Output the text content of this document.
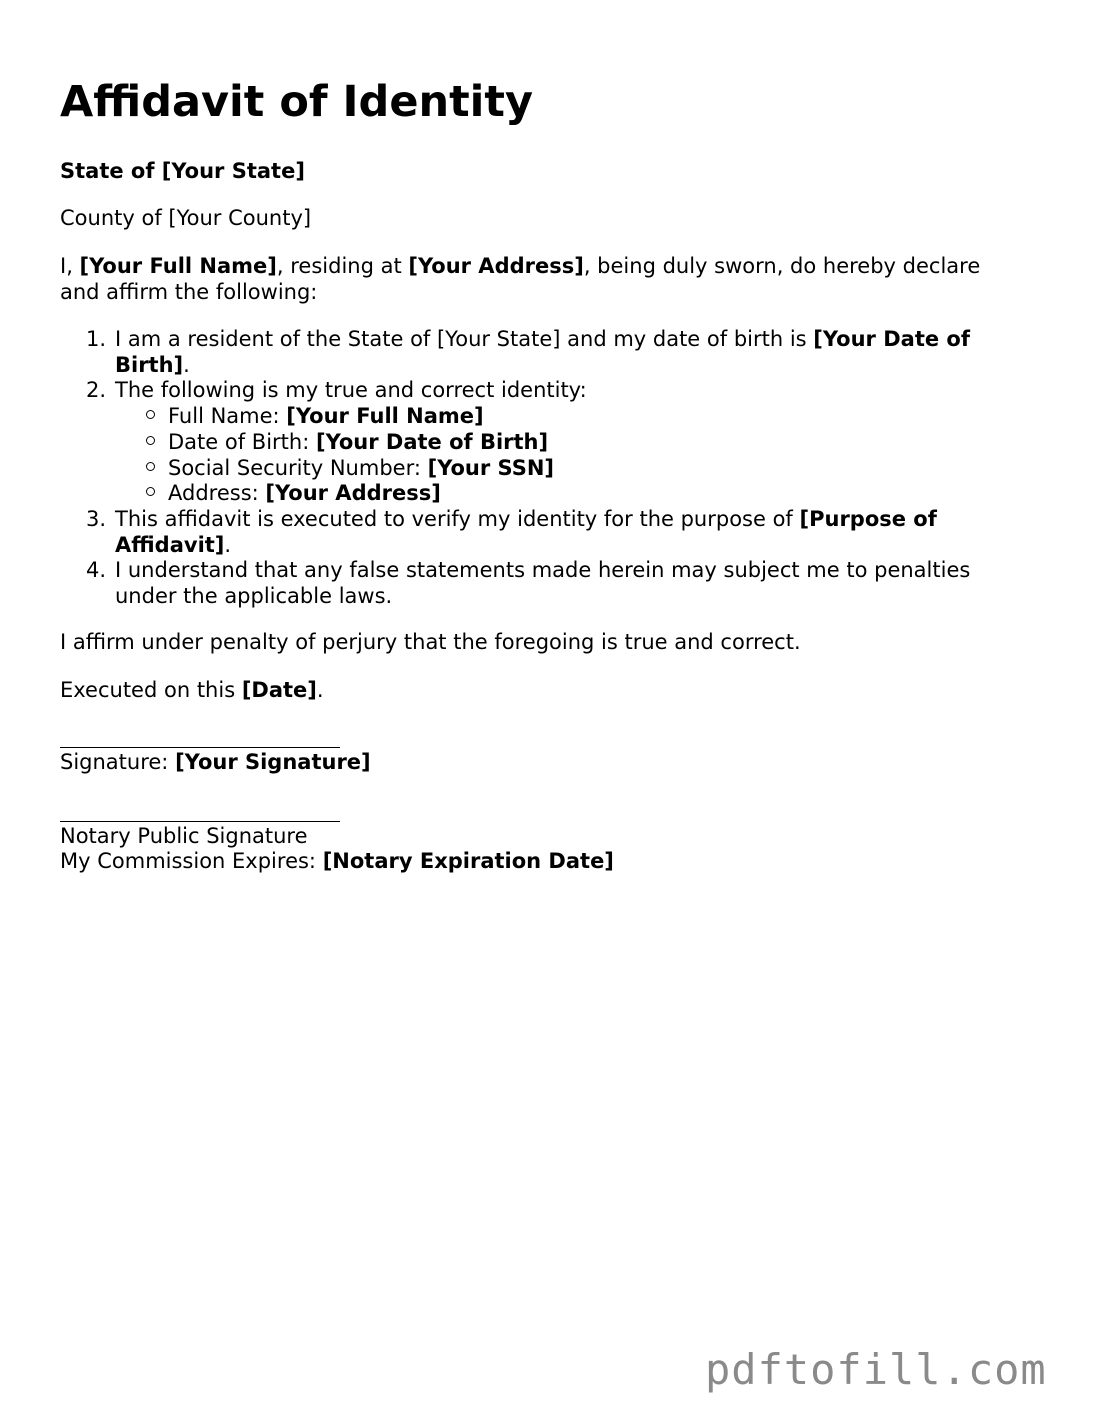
Affidavit of Identity

State of [Your State]

County of [Your County]

I, [Your Full Name], residing at [Your Address], being duly sworn, do hereby declare

and affirm the following:

1. I am a resident of the State of [Your State] and my date of birth is [Your Date of
Birth].
2. The following is my true and correct identity:
Full Name: [Your Full Name]
Date of Birth: [Your Date of Birth]
Social Security Number: [Your SSN]
Address: [Your Address]
3. This affidavit is executed to verify my identity for the purpose of [Purpose of
Affidavit].
4. I understand that any false statements made herein may subject me to penalties
under the applicable laws.

I affirm under penalty of perjury that the foregoing is true and correct.

Executed on this [Date].

Signature: [Your Signature]

Notary Public Signature

My Commission Expires: [Notary Expiration Date]

pdftofill.com
